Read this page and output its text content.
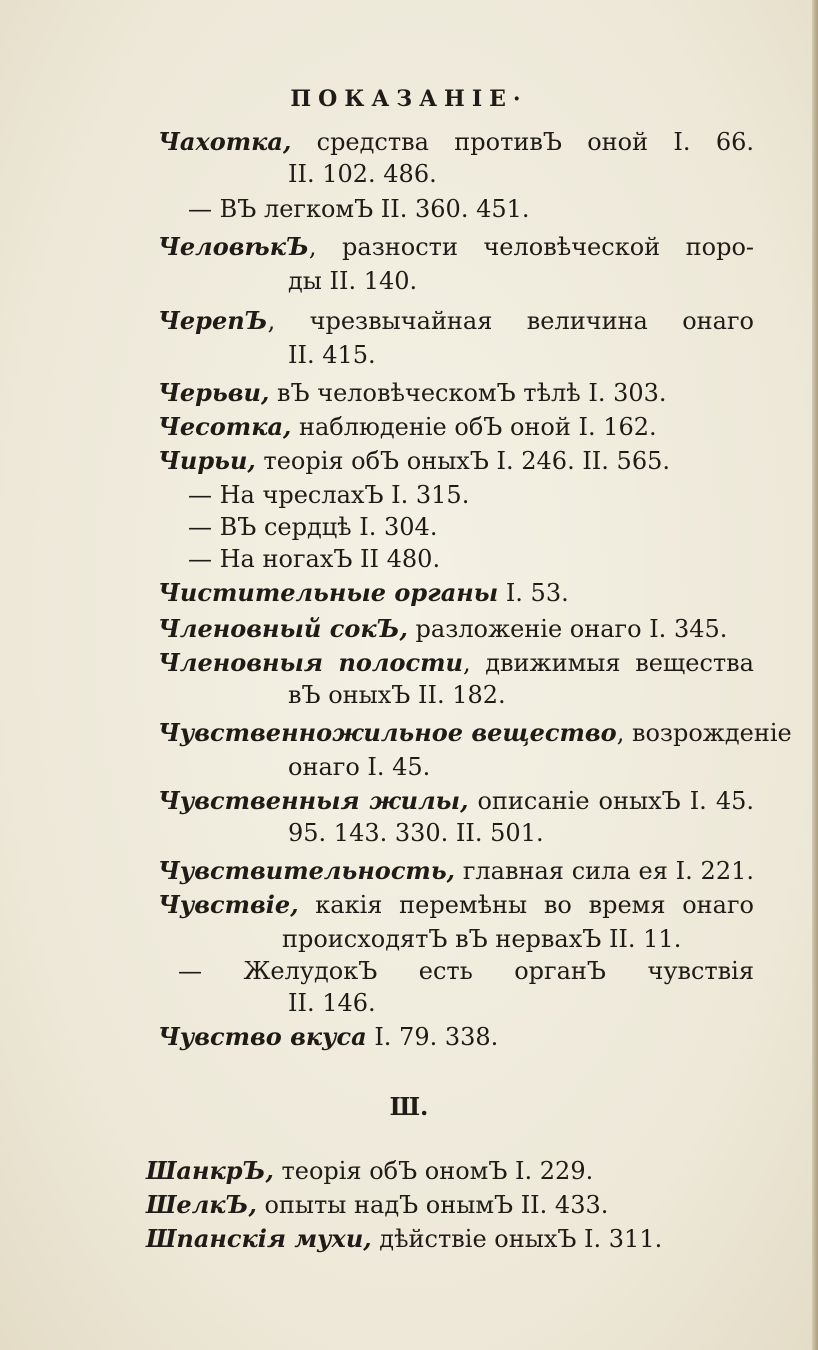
ПОКАЗАНІЕ·
Чахотка, средства противЪ оной І. 66.
II. 102. 486.
— ВЪ легкомЪ II. 360. 451.
ЧеловѣкЪ, разности человѣческой поро-
ды II. 140.
ЧерепЪ, чрезвычайная величина онаго
II. 415.
Черьви, вЪ человѣческомЪ тѣлѣ І. 303.
Чесотка, наблюденіе обЪ оной І. 162.
Чирьи, теорія обЪ оныхЪ І. 246. II. 565.
— На чреслахЪ І. 315.
— ВЪ сердцѣ І. 304.
— На ногахЪ II 480.
Чистительные органы І. 53.
Членовный сокЪ, разложеніе онаго І. 345.
Членовныя полости, движимыя вещества
вЪ оныхЪ II. 182.
Чувственножильное вещество, возрожденіе
онаго І. 45.
Чувственныя жилы, описаніе оныхЪ І. 45.
95. 143. 330. II. 501.
Чувствительность, главная сила ея І. 221.
Чувствіе, какія перемѣны во время онаго
происходятЪ вЪ нервахЪ II. 11.
— ЖелудокЪ есть органЪ чувствія
II. 146.
Чувство вкуса І. 79. 338.
Ш.
ШанкрЪ, теорія обЪ ономЪ І. 229.
ШелкЪ, опыты надЪ онымЪ II. 433.
Шпанскія мухи, дѣйствіе оныхЪ І. 311.
